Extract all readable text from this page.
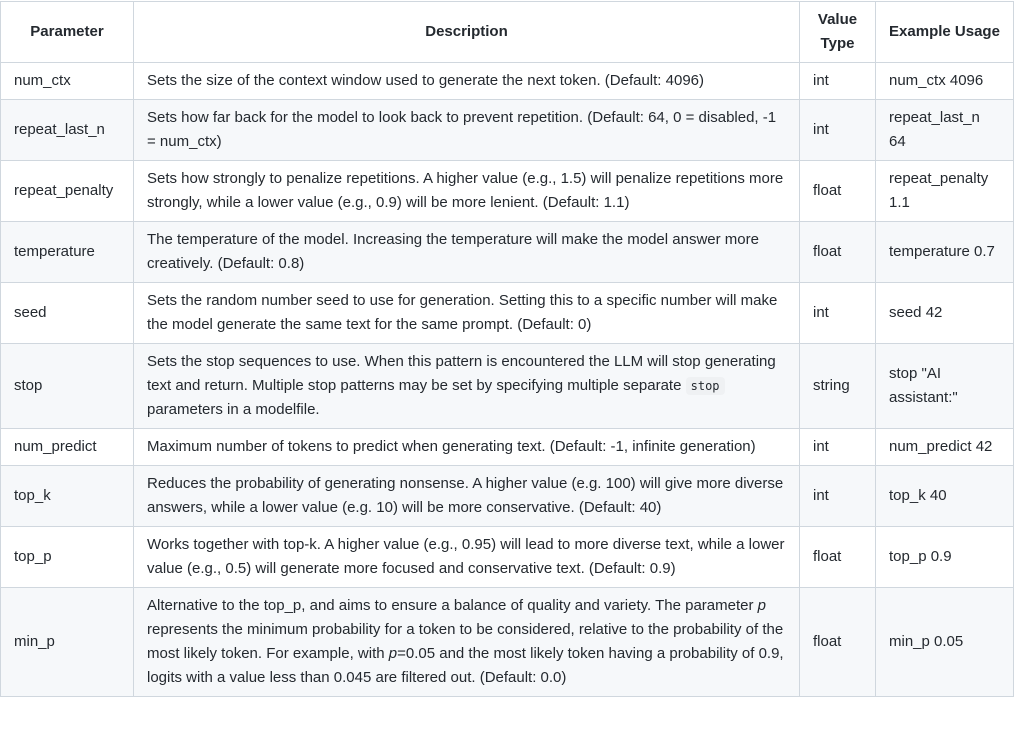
Parameter	Description	Value Type	Example Usage
num_ctx	Sets the size of the context window used to generate the next token. (Default: 4096)	int	num_ctx 4096
repeat_last_n	Sets how far back for the model to look back to prevent repetition. (Default: 64, 0 = disabled, -1 = num_ctx)	int	repeat_last_n 64
repeat_penalty	Sets how strongly to penalize repetitions. A higher value (e.g., 1.5) will penalize repetitions more strongly, while a lower value (e.g., 0.9) will be more lenient. (Default: 1.1)	float	repeat_penalty 1.1
temperature	The temperature of the model. Increasing the temperature will make the model answer more creatively. (Default: 0.8)	float	temperature 0.7
seed	Sets the random number seed to use for generation. Setting this to a specific number will make the model generate the same text for the same prompt. (Default: 0)	int	seed 42
stop	Sets the stop sequences to use. When this pattern is encountered the LLM will stop generating text and return. Multiple stop patterns may be set by specifying multiple separate stop parameters in a modelfile.	string	stop "AI assistant:"
num_predict	Maximum number of tokens to predict when generating text. (Default: -1, infinite generation)	int	num_predict 42
top_k	Reduces the probability of generating nonsense. A higher value (e.g. 100) will give more diverse answers, while a lower value (e.g. 10) will be more conservative. (Default: 40)	int	top_k 40
top_p	Works together with top-k. A higher value (e.g., 0.95) will lead to more diverse text, while a lower value (e.g., 0.5) will generate more focused and conservative text. (Default: 0.9)	float	top_p 0.9
min_p	Alternative to the top_p, and aims to ensure a balance of quality and variety. The parameter p represents the minimum probability for a token to be considered, relative to the probability of the most likely token. For example, with p=0.05 and the most likely token having a probability of 0.9, logits with a value less than 0.045 are filtered out. (Default: 0.0)	float	min_p 0.05
